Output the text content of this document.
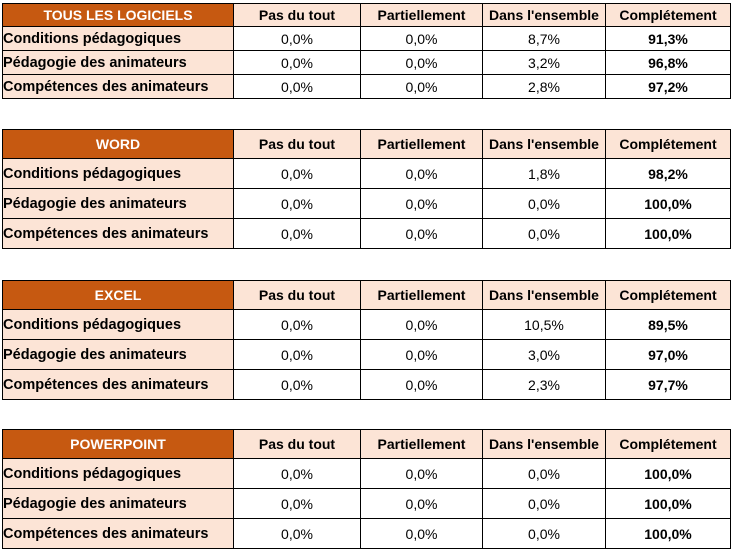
TOUS LES LOGICIELS	Pas du tout	Partiellement	Dans l'ensemble	Complétement
Conditions pédagogiques	0,0%	0,0%	8,7%	91,3%
Pédagogie des animateurs	0,0%	0,0%	3,2%	96,8%
Compétences des animateurs	0,0%	0,0%	2,8%	97,2%
WORD	Pas du tout	Partiellement	Dans l'ensemble	Complétement
Conditions pédagogiques	0,0%	0,0%	1,8%	98,2%
Pédagogie des animateurs	0,0%	0,0%	0,0%	100,0%
Compétences des animateurs	0,0%	0,0%	0,0%	100,0%
EXCEL	Pas du tout	Partiellement	Dans l'ensemble	Complétement
Conditions pédagogiques	0,0%	0,0%	10,5%	89,5%
Pédagogie des animateurs	0,0%	0,0%	3,0%	97,0%
Compétences des animateurs	0,0%	0,0%	2,3%	97,7%
POWERPOINT	Pas du tout	Partiellement	Dans l'ensemble	Complétement
Conditions pédagogiques	0,0%	0,0%	0,0%	100,0%
Pédagogie des animateurs	0,0%	0,0%	0,0%	100,0%
Compétences des animateurs	0,0%	0,0%	0,0%	100,0%
